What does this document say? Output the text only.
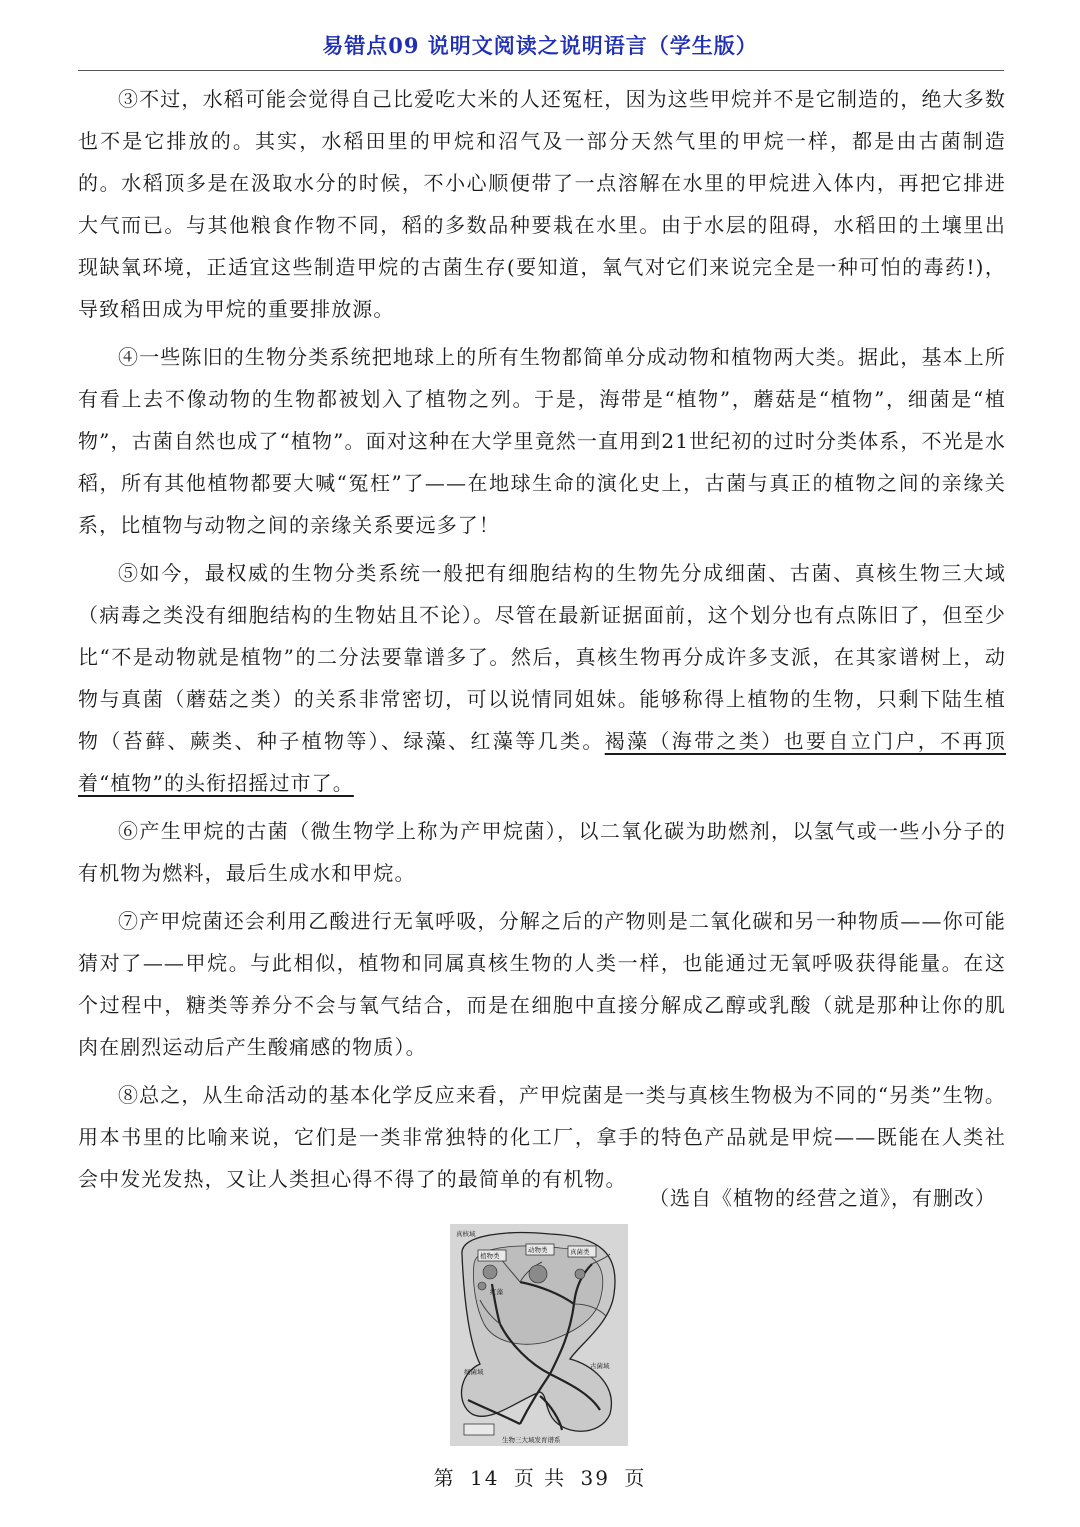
易错点09 说明文阅读之说明语言（学生版）

③不过，水稻可能会觉得自己比爱吃大米的人还冤枉，因为这些甲烷并不是它制造的，绝大多数也不是它排放的。其实，水稻田里的甲烷和沼气及一部分天然气里的甲烷一样，都是由古菌制造的。水稻顶多是在汲取水分的时候，不小心顺便带了一点溶解在水里的甲烷进入体内，再把它排进大气而已。与其他粮食作物不同，稻的多数品种要栽在水里。由于水层的阻碍，水稻田的土壤里出现缺氧环境，正适宜这些制造甲烷的古菌生存(要知道，氧气对它们来说完全是一种可怕的毒药!)，导致稻田成为甲烷的重要排放源。

④一些陈旧的生物分类系统把地球上的所有生物都简单分成动物和植物两大类。据此，基本上所有看上去不像动物的生物都被划入了植物之列。于是，海带是“植物”，蘑菇是“植物”，细菌是“植物”，古菌自然也成了“植物”。面对这种在大学里竟然一直用到21世纪初的过时分类体系，不光是水稻，所有其他植物都要大喊“冤枉”了——在地球生命的演化史上，古菌与真正的植物之间的亲缘关系，比植物与动物之间的亲缘关系要远多了！

⑤如今，最权威的生物分类系统一般把有细胞结构的生物先分成细菌、古菌、真核生物三大域（病毒之类没有细胞结构的生物姑且不论）。尽管在最新证据面前，这个划分也有点陈旧了，但至少比“不是动物就是植物”的二分法要靠谱多了。然后，真核生物再分成许多支派，在其家谱树上，动物与真菌（蘑菇之类）的关系非常密切，可以说情同姐妹。能够称得上植物的生物，只剩下陆生植物（苔藓、蕨类、种子植物等）、绿藻、红藻等几类。褐藻（海带之类）也要自立门户，不再顶着“植物”的头衔招摇过市了。

⑥产生甲烷的古菌（微生物学上称为产甲烷菌），以二氧化碳为助燃剂，以氢气或一些小分子的有机物为燃料，最后生成水和甲烷。

⑦产甲烷菌还会利用乙酸进行无氧呼吸，分解之后的产物则是二氧化碳和另一种物质——你可能猜对了——甲烷。与此相似，植物和同属真核生物的人类一样，也能通过无氧呼吸获得能量。在这个过程中，糖类等养分不会与氧气结合，而是在细胞中直接分解成乙醇或乳酸（就是那种让你的肌肉在剧烈运动后产生酸痛感的物质）。

⑧总之，从生命活动的基本化学反应来看，产甲烷菌是一类与真核生物极为不同的“另类”生物。用本书里的比喻来说，它们是一类非常独特的化工厂，拿手的特色产品就是甲烷——既能在人类社会中发光发热，又让人类担心得不得了的最简单的有机物。

（选自《植物的经营之道》，有删改）
真核域
植物类
动物类	真菌类
红藻
细菌域
古菌域
生物三大域发育谱系
第 14 页 共 39 页
